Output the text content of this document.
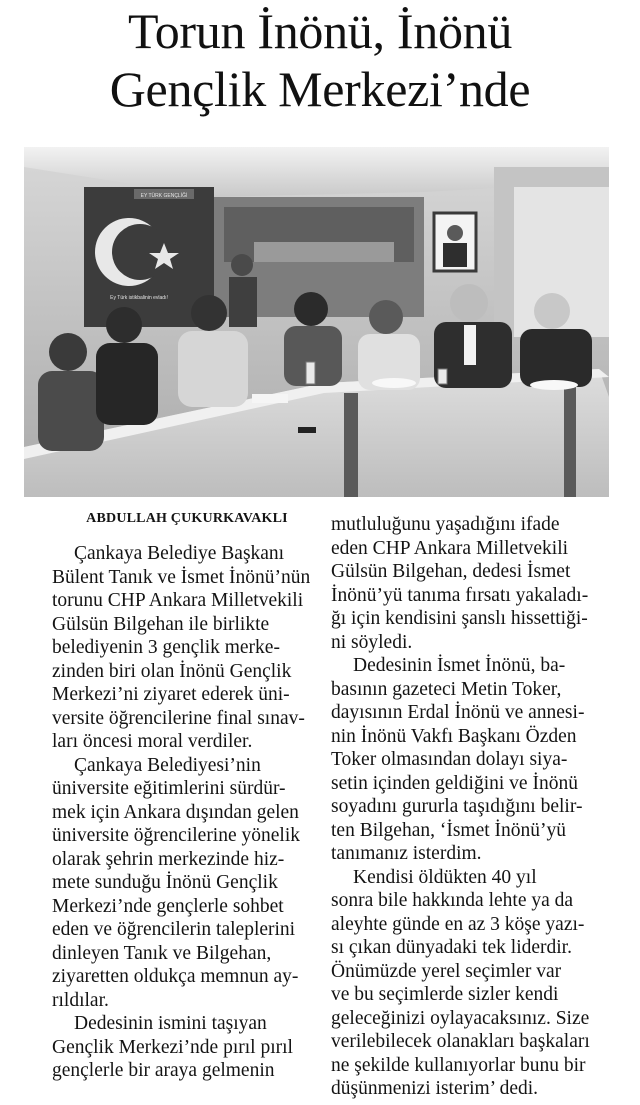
Torun İnönü, İnönü
Gençlik Merkezi’nde
EY TÜRK GENÇLİĞİ
Ey Türk istikbalinin evladı!
ABDULLAH ÇUKURKAVAKLI

Çankaya Belediye Başkanı
Bülent Tanık ve İsmet İnönü’nün
torunu CHP Ankara Milletvekili
Gülsün Bilgehan ile birlikte
belediyenin 3 gençlik merke-
zinden biri olan İnönü Gençlik
Merkezi’ni ziyaret ederek üni-
versite öğrencilerine final sınav-
ları öncesi moral verdiler.

Çankaya Belediyesi’nin
üniversite eğitimlerini sürdür-
mek için Ankara dışından gelen
üniversite öğrencilerine yönelik
olarak şehrin merkezinde hiz-
mete sunduğu İnönü Gençlik
Merkezi’nde gençlerle sohbet
eden ve öğrencilerin taleplerini
dinleyen Tanık ve Bilgehan,
ziyaretten oldukça memnun ay-
rıldılar.

Dedesinin ismini taşıyan
Gençlik Merkezi’nde pırıl pırıl
gençlerle bir araya gelmenin

mutluluğunu yaşadığını ifade
eden CHP Ankara Milletvekili
Gülsün Bilgehan, dedesi İsmet
İnönü’yü tanıma fırsatı yakaladı-
ğı için kendisini şanslı hissettiği-
ni söyledi.

Dedesinin İsmet İnönü, ba-
basının gazeteci Metin Toker,
dayısının Erdal İnönü ve annesi-
nin İnönü Vakfı Başkanı Özden
Toker olmasından dolayı siya-
setin içinden geldiğini ve İnönü
soyadını gururla taşıdığını belir-
ten Bilgehan, ‘İsmet İnönü’yü
tanımanız isterdim.

Kendisi öldükten 40 yıl
sonra bile hakkında lehte ya da
aleyhte günde en az 3 köşe yazı-
sı çıkan dünyadaki tek liderdir.
Önümüzde yerel seçimler var
ve bu seçimlerde sizler kendi
geleceğinizi oylayacaksınız. Size
verilebilecek olanakları başkaları
ne şekilde kullanıyorlar bunu bir
düşünmenizi isterim’ dedi.
